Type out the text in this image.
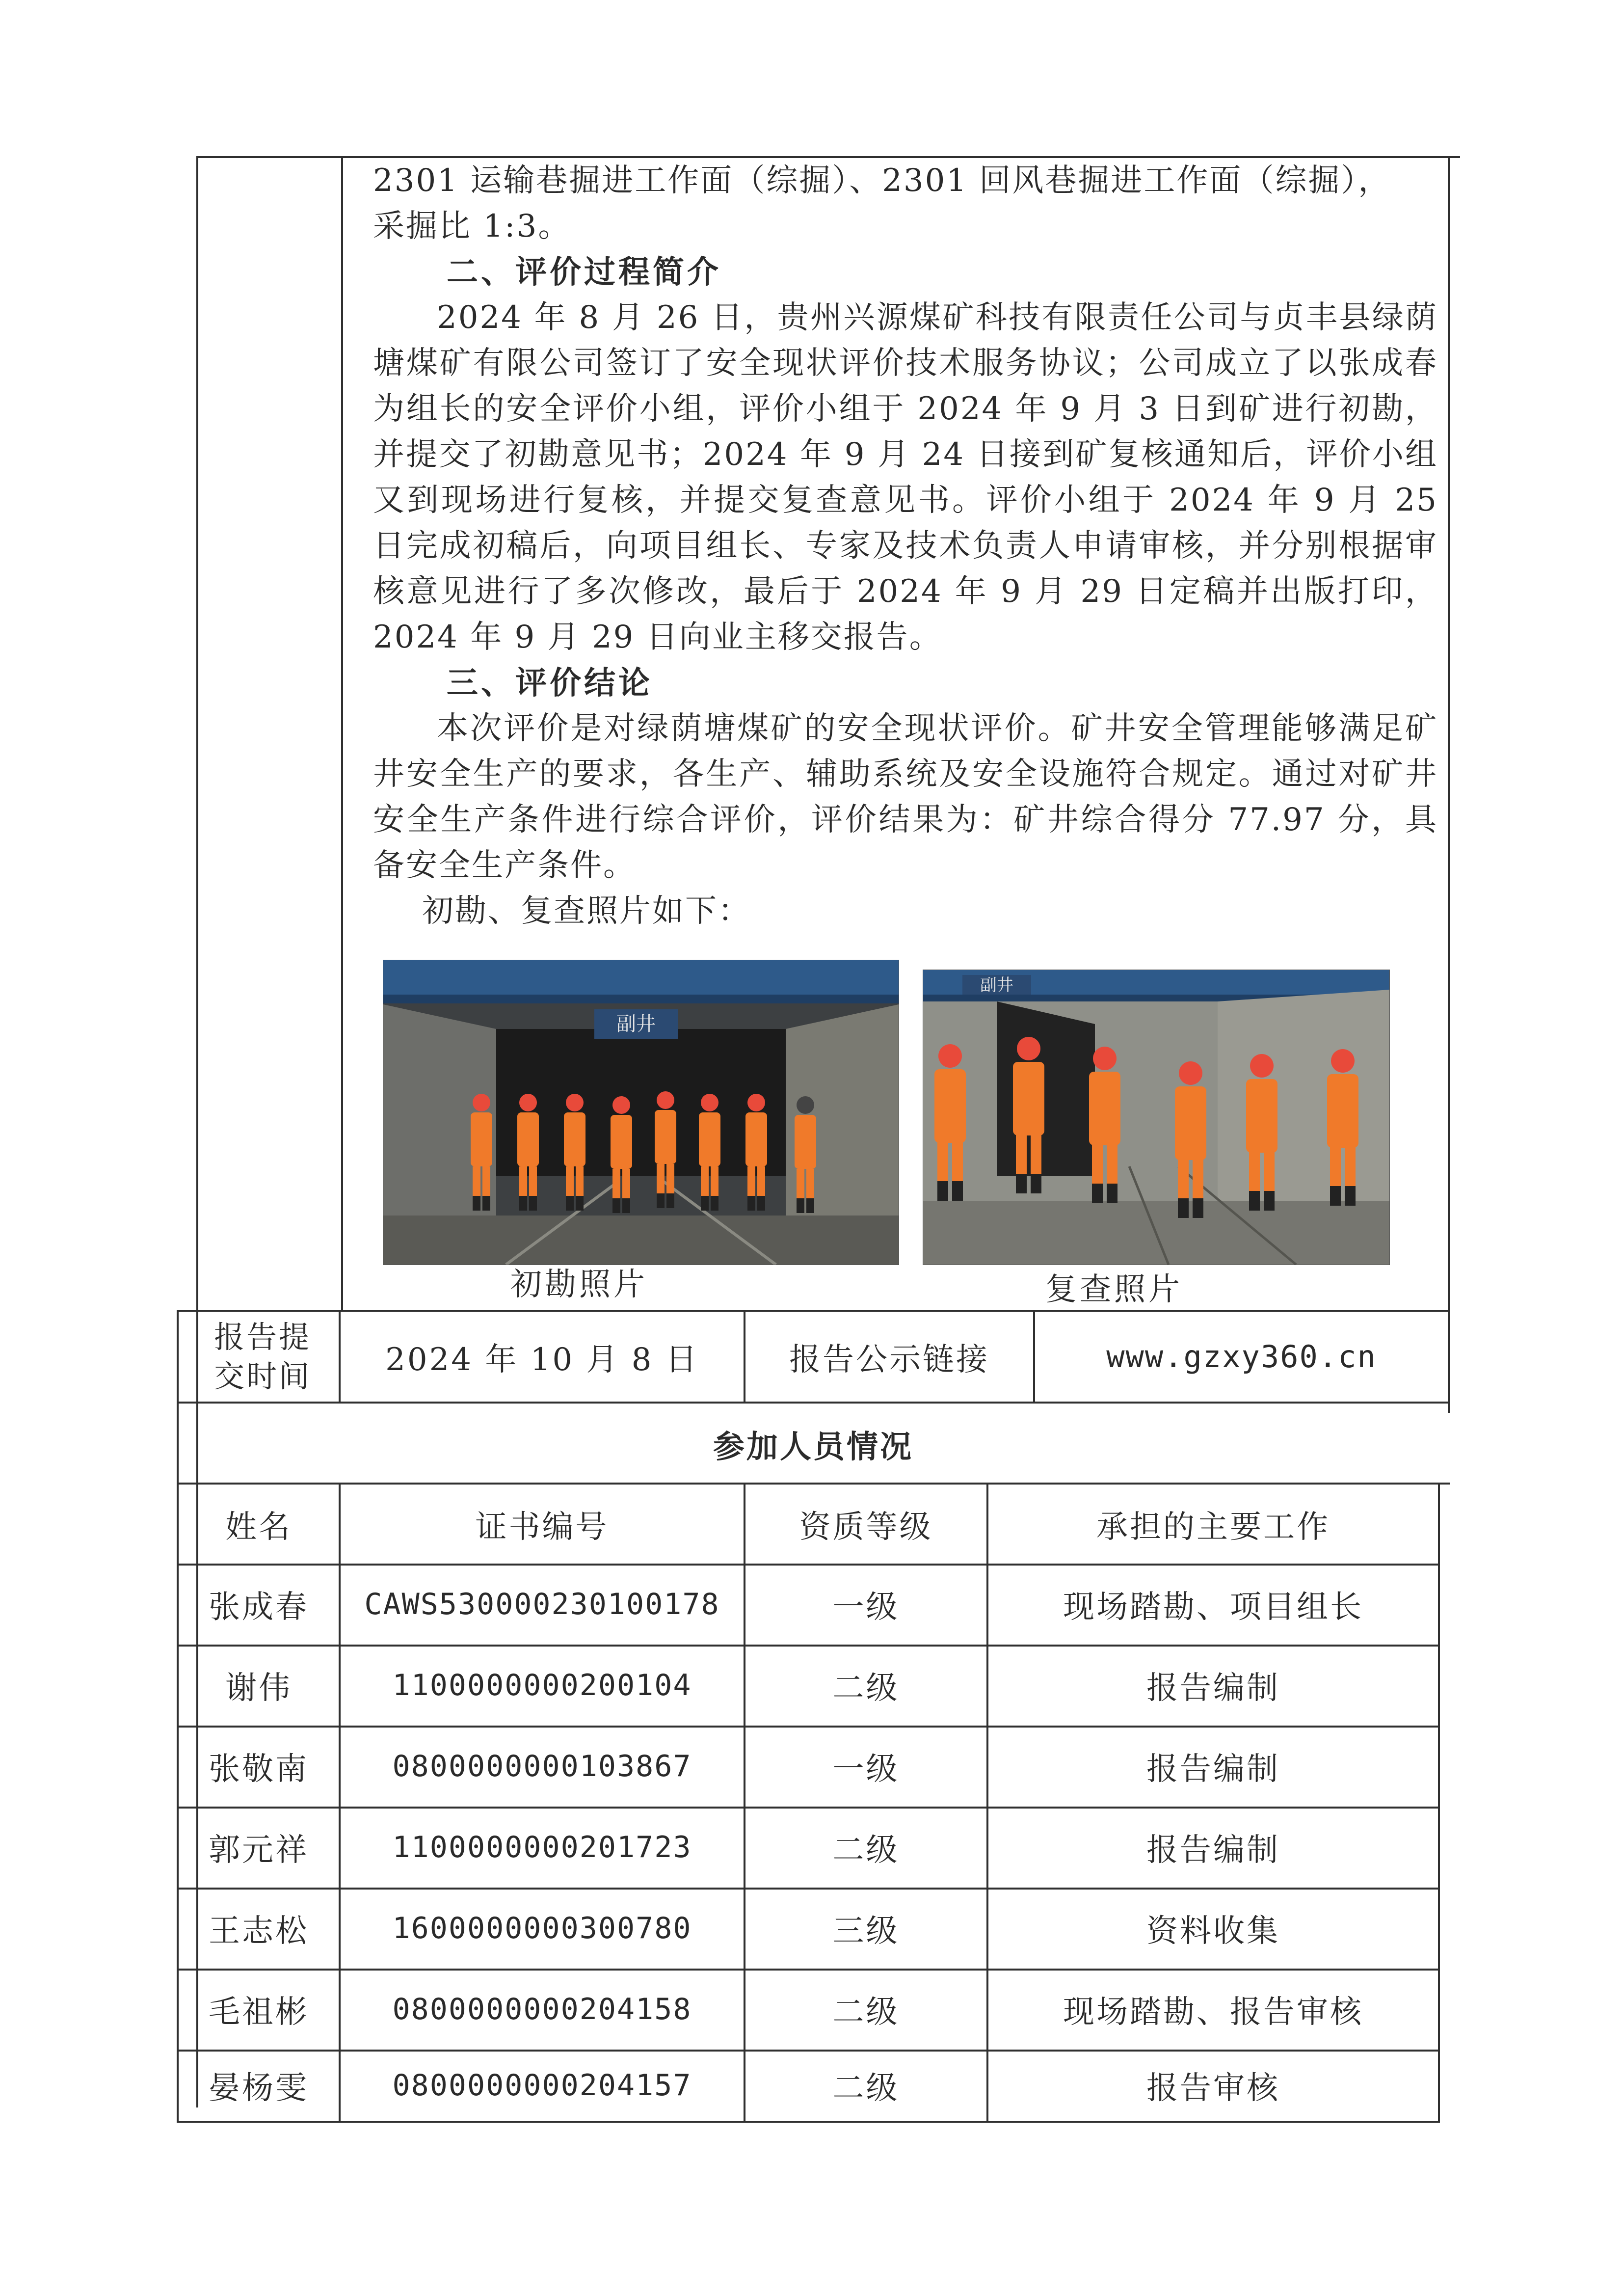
2301 运输巷掘进工作面（综掘）、2301 回风巷掘进工作面（综掘），

采掘比 1:3。

二、评价过程简介

2024 年 8 月 26 日，贵州兴源煤矿科技有限责任公司与贞丰县绿荫塘煤矿有限公司签订了安全现状评价技术服务协议；公司成立了以张成春为组长的安全评价小组，评价小组于 2024 年 9 月 3 日到矿进行初勘，并提交了初勘意见书；2024 年 9 月 24 日接到矿复核通知后，评价小组又到现场进行复核，并提交复查意见书。评价小组于 2024 年 9 月 25 日完成初稿后，向项目组长、专家及技术负责人申请审核，并分别根据审核意见进行了多次修改，最后于 2024 年 9 月 29 日定稿并出版打印，2024 年 9 月 29 日向业主移交报告。

三、评价结论

本次评价是对绿荫塘煤矿的安全现状评价。矿井安全管理能够满足矿井安全生产的要求，各生产、辅助系统及安全设施符合规定。通过对矿井安全生产条件进行综合评价，评价结果为：矿井综合得分 77.97 分，具备安全生产条件。

初勘、复查照片如下：

副井
副井
初勘照片	复查照片
报告提交时间	2024 年 10 月 8 日	报告公示链接	www.gzxy360.cn
参加人员情况
姓名	证书编号	资质等级	承担的主要工作
张成春	CAWS530000230100178	一级	现场踏勘、项目组长
谢伟	1100000000200104	二级	报告编制
张敬南	0800000000103867	一级	报告编制
郭元祥	1100000000201723	二级	报告编制
王志松	1600000000300780	三级	资料收集
毛祖彬	0800000000204158	二级	现场踏勘、报告审核
晏杨雯	0800000000204157	二级	报告审核
